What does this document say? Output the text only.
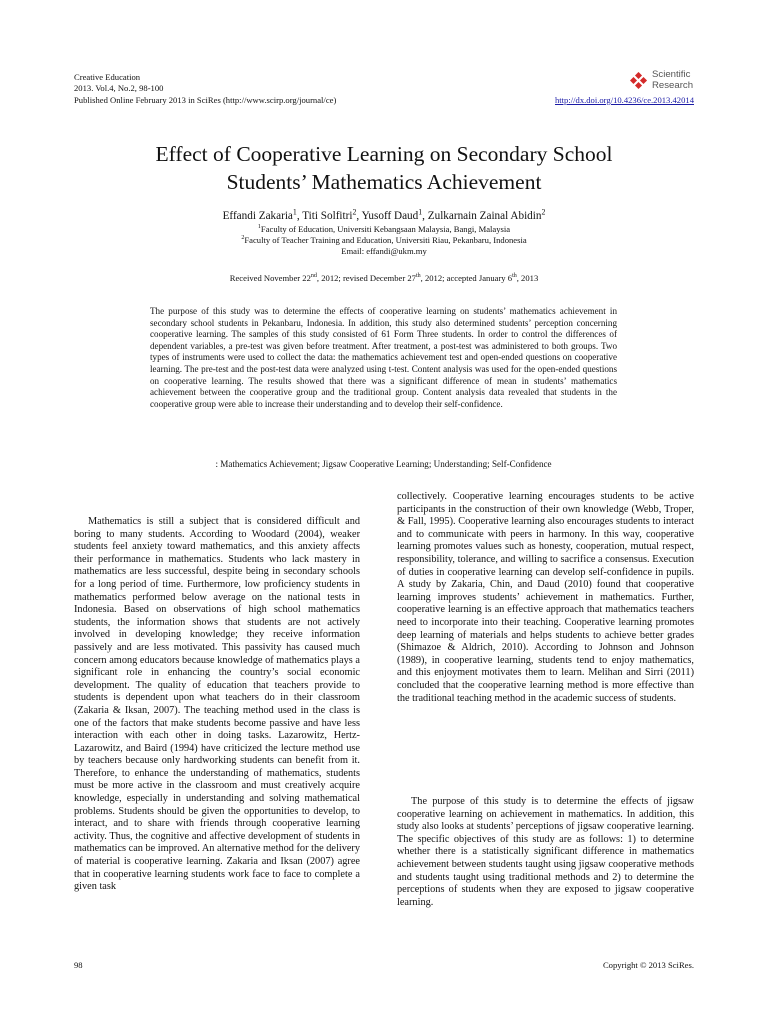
Creative Education
2013. Vol.4, No.2, 98-100
Published Online February 2013 in SciRes (http://www.scirp.org/journal/ce)
Scientific
Research
http://dx.doi.org/10.4236/ce.2013.42014
Effect of Cooperative Learning on Secondary School
Students’ Mathematics Achievement
Effandi Zakaria$^1$, Titi Solfitri$^2$, Yusoff Daud$^1$, Zulkarnain Zainal Abidin$^2$
$^1$Faculty of Education, Universiti Kebangsaan Malaysia, Bangi, Malaysia
$^2$Faculty of Teacher Training and Education, Universiti Riau, Pekanbaru, Indonesia
Email: effandi@ukm.my
Received November 22nd, 2012; revised December 27th, 2012; accepted January 6th, 2013
The purpose of this study was to determine the effects of cooperative learning on students’ mathematics achievement in secondary school students in Pekanbaru, Indonesia. In addition, this study also determined students’ perception concerning cooperative learning. The samples of this study consisted of 61 Form Three students. In order to control the differences of dependent variables, a pre-test was given before treatment. After treatment, a post-test was administered to both groups. Two types of instruments were used to collect the data: the mathematics achievement test and open-ended questions on cooperative learning. The pre-test and the post-test data were analyzed using t-test. Content analysis was used for the open-ended questions on cooperative learning. The results showed that there was a significant difference of mean in students’ mathematics achievement between the cooperative group and the traditional group. Content analysis data revealed that students in the cooperative group were able to increase their understanding and to develop their self-confidence.
: Mathematics Achievement; Jigsaw Cooperative Learning; Understanding; Self-Confidence

Mathematics is still a subject that is considered difficult and boring to many students. According to Woodard (2004), weaker students feel anxiety toward mathematics, and this anxiety affects their performance in mathematics. Students who lack mastery in mathematics are less successful, despite being in secondary schools for a long period of time. Furthermore, low proficiency students in mathematics performed below average on the national tests in Indonesia. Based on observations of high school mathematics students, the information shows that students are not actively involved in developing knowledge; they receive information passively and are less motivated. This passivity has caused much concern among educators because knowledge of mathematics plays a significant role in enhancing the country’s social economic development. The quality of education that teachers provide to students is dependent upon what teachers do in their classroom (Zakaria & Iksan, 2007). The teaching method used in the class is one of the factors that make students become passive and have less interaction with each other in doing tasks. Lazarowitz, Hertz-Lazarowitz, and Baird (1994) have criticized the lecture method use by teachers because only hardworking students can benefit from it. Therefore, to enhance the understanding of mathematics, students must be more active in the classroom and must creatively acquire knowledge, especially in understanding and solving mathematical problems. Students should be given the opportunities to develop, to interact, and to share with friends through cooperative learning activity. Thus, the cognitive and affective development of students in mathematics can be improved. An alternative method for the delivery of material is cooperative learning. Zakaria and Iksan (2007) agree that in cooperative learning students work face to face to complete a given task

collectively. Cooperative learning encourages students to be active participants in the construction of their own knowledge (Webb, Troper, & Fall, 1995). Cooperative learning also encourages students to interact and to communicate with peers in harmony. In this way, cooperative learning promotes values such as honesty, cooperation, mutual respect, responsibility, tolerance, and willing to sacrifice a consensus. Execution of duties in cooperative learning can develop self-confidence in pupils. A study by Zakaria, Chin, and Daud (2010) found that cooperative learning improves students’ achievement in mathematics. Further, cooperative learning is an effective approach that mathematics teachers need to incorporate into their teaching. Cooperative learning promotes deep learning of materials and helps students to achieve better grades (Shimazoe & Aldrich, 2010). According to Johnson and Johnson (1989), in cooperative learning, students tend to enjoy mathematics, and this enjoyment motivates them to learn. Melihan and Sirri (2011) concluded that the cooperative learning method is more effective than the traditional teaching method in the academic success of students.

The purpose of this study is to determine the effects of jigsaw cooperative learning on achievement in mathematics. In addition, this study also looks at students’ perceptions of jigsaw cooperative learning. The specific objectives of this study are as follows: 1) to determine whether there is a statistically significant difference in mathematics achievement between students taught using jigsaw cooperative methods and students taught using traditional methods and 2) to determine the perceptions of students when they are exposed to jigsaw cooperative learning.

98	Copyright © 2013 SciRes.
